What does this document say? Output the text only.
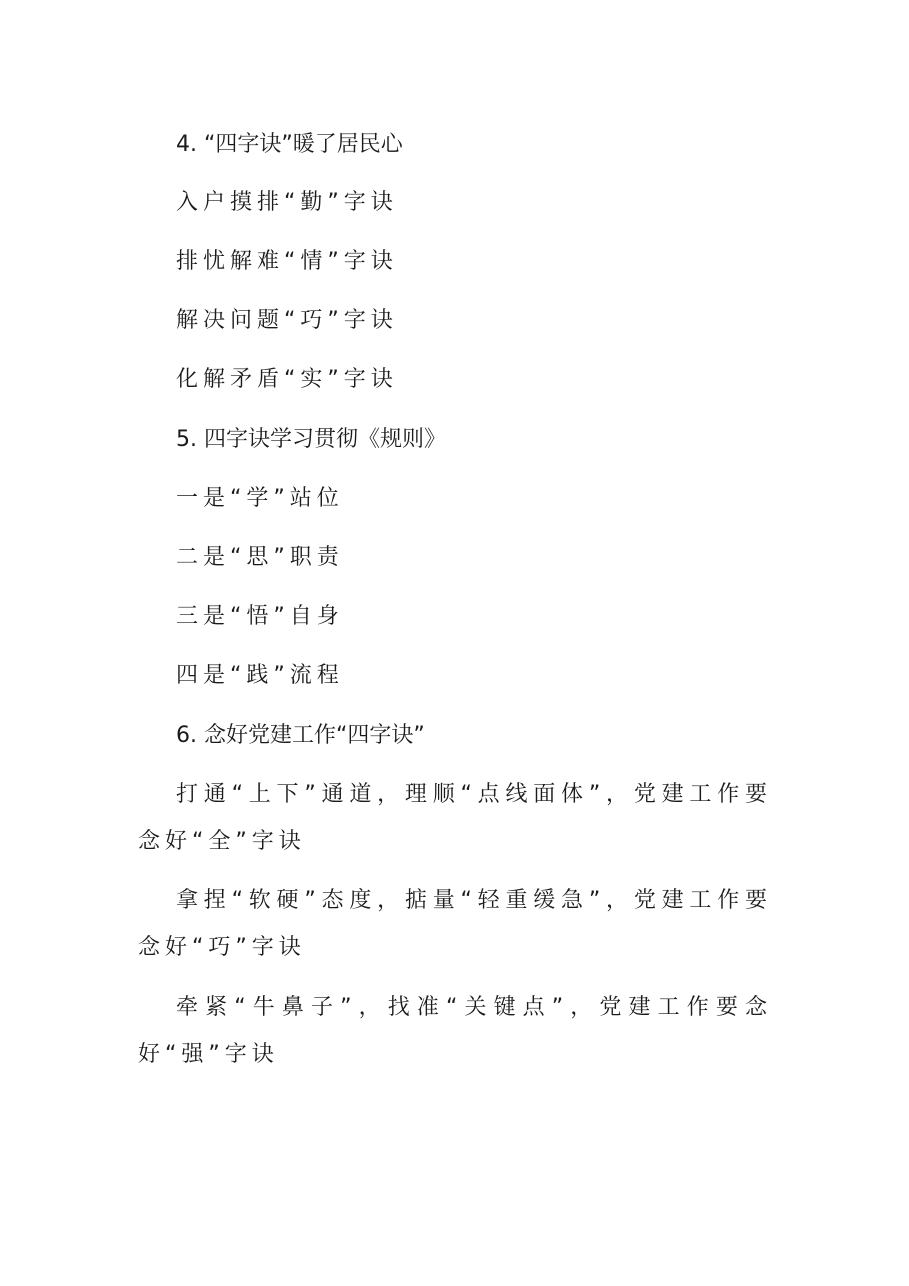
4. “四字诀”暖了居民心
入户摸排“勤”字诀
排忧解难“情”字诀
解决问题“巧”字诀
化解矛盾“实”字诀
5. 四字诀学习贯彻《规则》
一是“学”站位
二是“思”职责
三是“悟”自身
四是“践”流程
6. 念好党建工作“四字诀”
打通“上下”通道，理顺“点线面体”，党建工作要念好“全”字诀
拿捏“软硬”态度，掂量“轻重缓急”，党建工作要念好“巧”字诀
牵紧“牛鼻子”，找准“关键点”，党建工作要念好“强”字诀
